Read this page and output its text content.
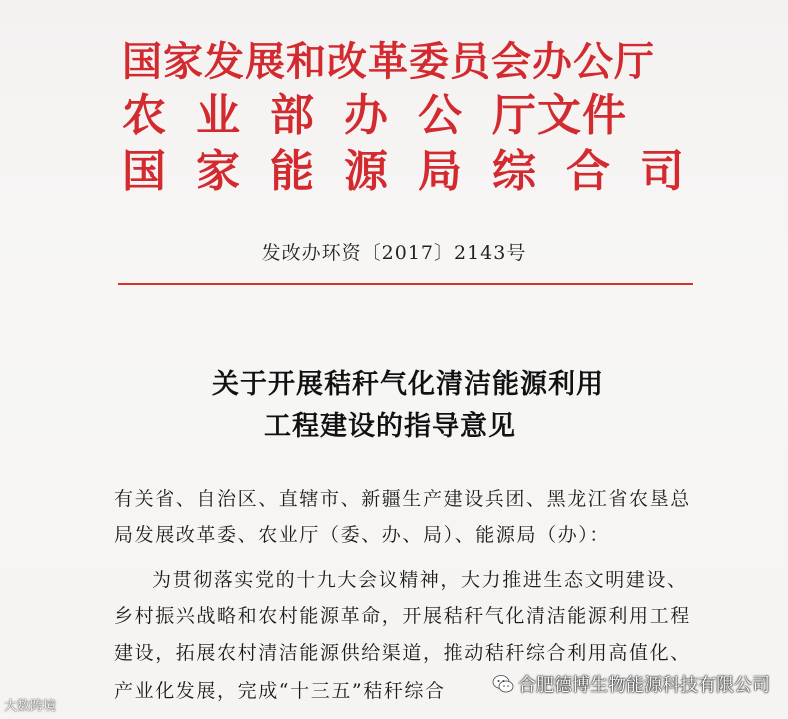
国家发展和改革委员会办公厅
农 业 部 办 公 厅文件
国 家 能 源 局 综 合 司
发改办环资〔2017〕2143号
关于开展秸秆气化清洁能源利用
工程建设的指导意见
有关省、自治区、直辖市、新疆生产建设兵团、黑龙江省农垦总
局发展改革委、农业厅（委、办、局）、能源局（办）：
为贯彻落实党的十九大会议精神，大力推进生态文明建设、
乡村振兴战略和农村能源革命，开展秸秆气化清洁能源利用工程
建设，拓展农村清洁能源供给渠道，推动秸秆综合利用高值化、
产业化发展，完成“十三五”秸秆综合
大数跨境
合肥德博生物能源科技有限公司
